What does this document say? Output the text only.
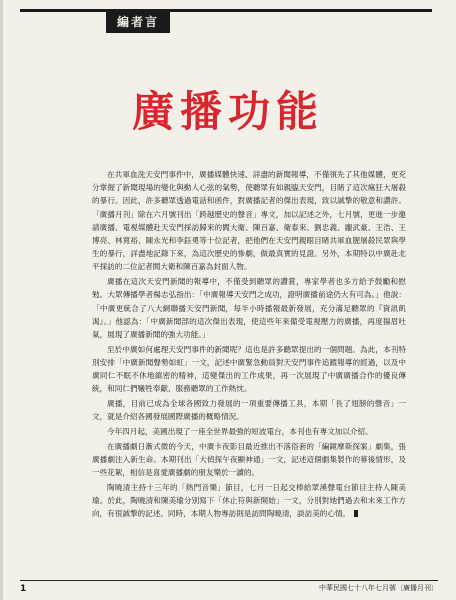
編者言
廣播功能

在共軍血洗天安門事件中，廣播媒體快速、詳盡的新聞報導，不僅領先了其他媒體，更充分掌握了新聞現場的變化與動人心弦的氣勢，使聽眾有如親臨天安門，目睹了這次瘋狂大屠殺的暴行。因此，許多聽眾透過電話和函件，對廣播記者的傑出表現，致以誠摯的敬意和讚許。「廣播月刊」除在六月號刊出「跨越歷史的聲音」專文，加以記述之外，七月號，更進一步邀請廣播、電視媒體赴天安門採訪歸來的閻大衛、陳百嘉、衛泰來、劉忠義、龐武豪、王浩、王博亮、林寬裕、陳永光和李鈺勇等十位記者，把他們在天安門親眼目睹共軍血腥屠殺民眾與學生的暴行，詳盡地記錄下來，為這次歷史的慘劇，做最真實的見證。另外，本期特以中廣赴北平採訪的二位記者閻大衛和陳百嘉為封面人物。

廣播在這次天安門新聞的報導中，不僅受到聽眾的讚賞，專家學者也多方給予鼓勵和慰勉。大眾傳播學者楊志弘指出：「中廣報導天安門之成功，證明廣播前途仍大有可為。」他說：「中廣更統合了八大網聯播天安門新聞，每半小時播報最新發展，充分滿足聽眾的『資訊飢渴』。」他認為：「中廣新聞部的這次傑出表現，使這些年來備受電視壓力的廣播，再度揚眉吐氣，展現了廣播新聞的強大功能。」

至於中廣如何處理天安門事件的新聞呢？這也是許多聽眾提出的一個問題。為此，本刊特別安排「中廣新聞聲勢如虹」一文，記述中廣緊急動員對天安門事件追蹤報導的經過，以及中廣同仁不眠不休地縝密的精神，這變傑出的工作成果，再一次展現了中廣廣播合作的優良傳統，和同仁們犧牲奉獻、服務聽眾的工作熱忱。

廣播，目前已成為全球各國致力發展的一項重要傳播工具，本期「長了翅膀的聲音」一文，就是介紹各國發展國際廣播的概略情況。

今年四月起，美國出現了一座全世界最強的短波電台，本刊也有專文加以介紹。

在廣播劇日漸式微的今天，中廣卡夜影目最近推出不落俗套的「編鏡摩斯探案」劇集，張廣播劇注入新生命。本期刊出「大偵探午夜顯神通」一文，記述這個劇集製作的幕後情形，及一些花絮，相信是喜愛廣播劇的朋友樂於一讀的。

陶曉清主持十三年的「熱門音樂」節目，七月一日起交棒給眾溪聲電台節目主持人陳美瑜。於此，陶曉清和陳美瑜分別寫下「休止符與新開始」一文，分別對她們過去和未來工作方向，有很誠摯的記述。同時，本期人物專訪則是訪問陶曉清，談訪美的心情。

1	中華民國七十八年七月號〔廣播月刊〕
